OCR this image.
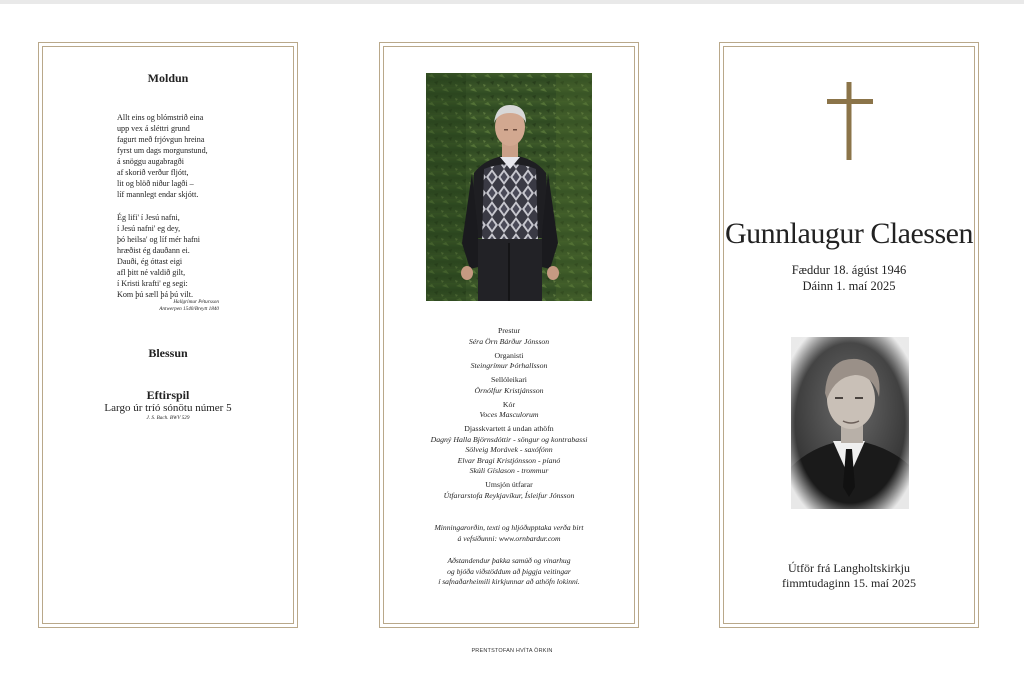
Moldun
Allt eins og blómstrið eina
upp vex á sléttri grund
fagurt með frjóvgun hreina
fyrst um dags morgunstund,
á snöggu augabragði
af skorið verður fljótt,
lit og blöð niður lagði –
líf mannlegt endar skjótt.
Ég lifi' í Jesú nafni,
í Jesú nafni' eg dey,
þó heilsa' og líf mér hafni
hræðist ég dauðann ei.
Dauði, ég óttast eigi
afl þitt né valdið gilt,
í Kristi krafti' eg segi:
Kom þú sæll þá þú vilt.
Hallgrímur Pétursson
Antwerpen 1540/Breytt 1840
Blessun
Eftirspil
Largo úr tríó sónötu númer 5
J. S. Bach. BWV 529
Prestur
Séra Örn Bárður Jónsson
Organisti
Steingrímur Þórhallsson
Sellóleikari
Örnólfur Kristjánsson
Kór
Voces Masculorum
Djasskvartett á undan athöfn
Dagný Halla Björnsdóttir - söngur og kontrabassi
Sölveig Morávek - saxófónn
Elvar Bragi Kristjónsson - píanó
Skúli Gíslason - trommur
Umsjón útfarar
Útfararstofa Reykjavíkur, Ísleifur Jónsson
Minningarorðin, texti og hljóðupptaka verða birt
á vefsíðunni: www.ornbardur.com
Aðstandendur þakka samúð og vinarhug
og bjóða viðstöddum að þiggja veitingar
í safnaðarheimili kirkjunnar að athöfn lokinni.
Gunnlaugur Claessen
Fæddur 18. ágúst 1946
Dáinn 1. maí 2025
Útför frá Langholtskirkju
fimmtudaginn 15. maí 2025
PRENTSTOFAN HVÍTA ÖRKIN
